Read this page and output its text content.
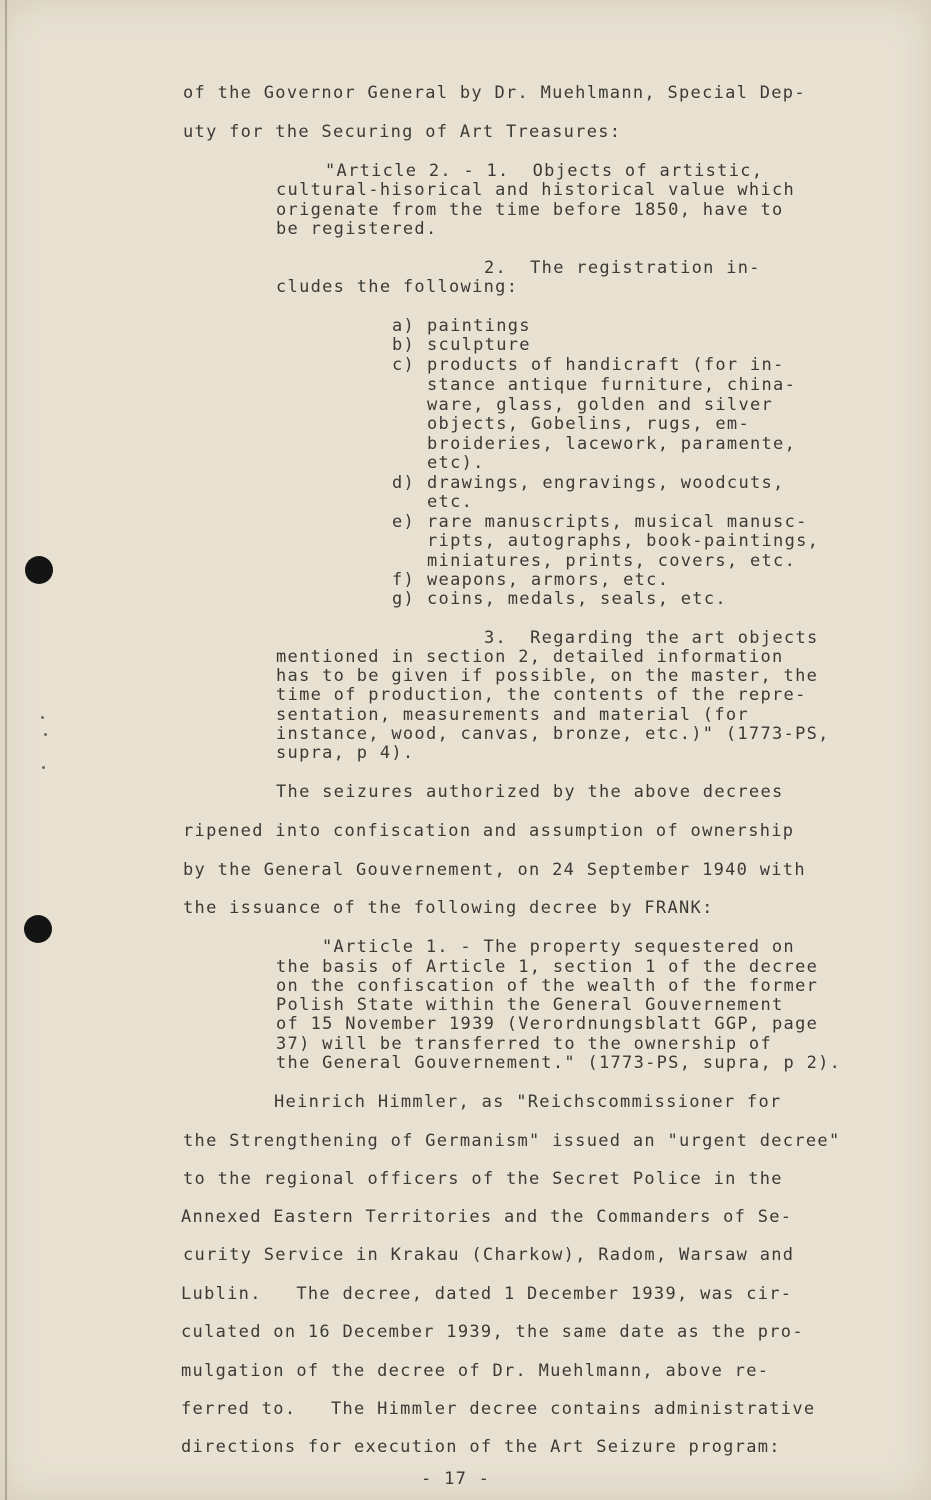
of the Governor General by Dr. Muehlmann, Special Dep-
uty for the Securing of Art Treasures:
"Article 2. - 1.  Objects of artistic,
cultural-hisorical and historical value which
origenate from the time before 1850, have to
be registered.
2.  The registration in-
cludes the following:
a) paintings
b) sculpture
c) products of handicraft (for in-
stance antique furniture, china-
ware, glass, golden and silver
objects, Gobelins, rugs, em-
broideries, lacework, paramente,
etc).
d) drawings, engravings, woodcuts,
etc.
e) rare manuscripts, musical manusc-
ripts, autographs, book-paintings,
miniatures, prints, covers, etc.
f) weapons, armors, etc.
g) coins, medals, seals, etc.
3.  Regarding the art objects
mentioned in section 2, detailed information
has to be given if possible, on the master, the
time of production, the contents of the repre-
sentation, measurements and material (for
instance, wood, canvas, bronze, etc.)" (1773-PS,
supra, p 4).
The seizures authorized by the above decrees
ripened into confiscation and assumption of ownership
by the General Gouvernement, on 24 September 1940 with
the issuance of the following decree by FRANK:
"Article 1. - The property sequestered on
the basis of Article 1, section 1 of the decree
on the confiscation of the wealth of the former
Polish State within the General Gouvernement
of 15 November 1939 (Verordnungsblatt GGP, page
37) will be transferred to the ownership of
the General Gouvernement." (1773-PS, supra, p 2).
Heinrich Himmler, as "Reichscommissioner for
the Strengthening of Germanism" issued an "urgent decree"
to the regional officers of the Secret Police in the
Annexed Eastern Territories and the Commanders of Se-
curity Service in Krakau (Charkow), Radom, Warsaw and
Lublin.   The decree, dated 1 December 1939, was cir-
culated on 16 December 1939, the same date as the pro-
mulgation of the decree of Dr. Muehlmann, above re-
ferred to.   The Himmler decree contains administrative
directions for execution of the Art Seizure program:
- 17 -
